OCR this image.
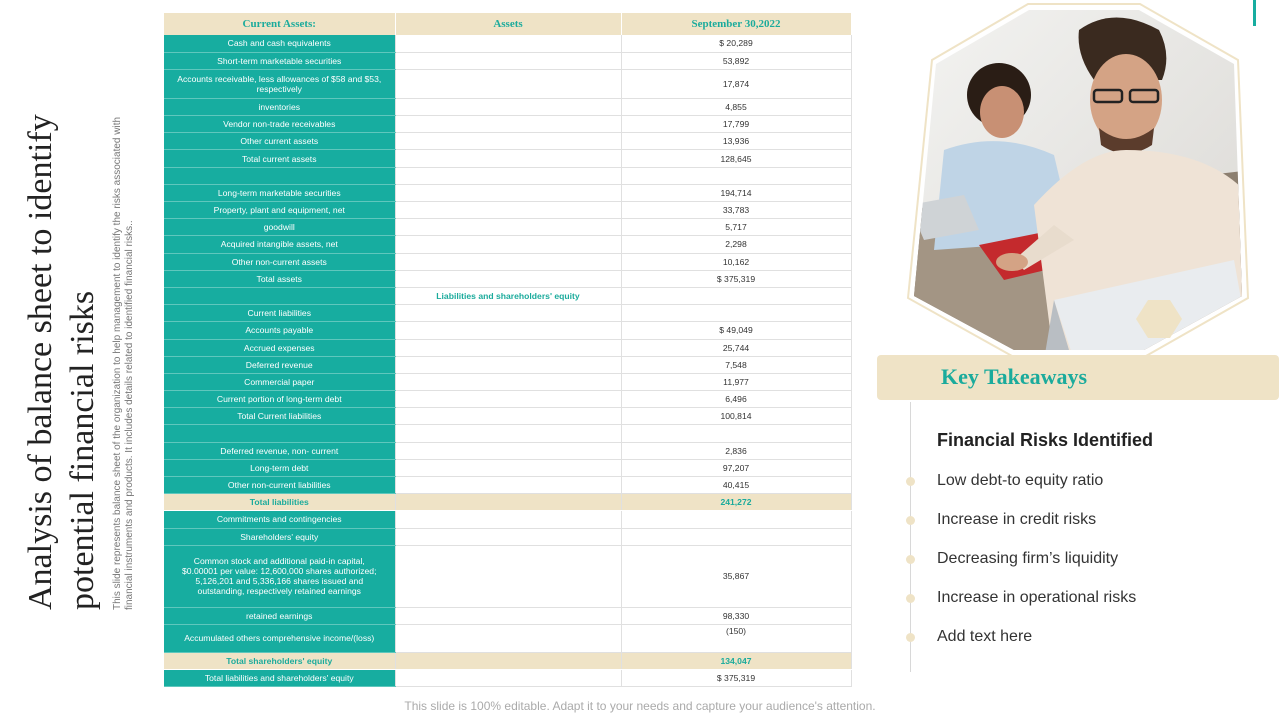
Analysis of balance sheet to identify potential financial risks	This slide represents balance sheet of the organization to help management to identify the risks associated with financial instruments and products. It includes details related to identified financial risks..

Current Assets:	Assets	September 30,2022
Cash and cash equivalents		$ 20,289
Short-term marketable securities		53,892
Accounts receivable, less allowances of $58 and $53, respectively		17,874
inventories		4,855
Vendor non-trade receivables		17,799
Other current assets		13,936
Total current assets		128,645

Long-term marketable securities		194,714
Property, plant and equipment, net		33,783
goodwill		5,717
Acquired intangible assets, net		2,298
Other non-current assets		10,162
Total assets		$ 375,319
	Liabilities and shareholders' equity	
Current liabilities		
Accounts payable		$ 49,049
Accrued expenses		25,744
Deferred revenue		7,548
Commercial paper		11,977
Current portion of long-term debt		6,496
Total Current liabilities		100,814

Deferred revenue, non- current		2,836
Long-term debt		97,207
Other non-current liabilities		40,415
Total liabilities		241,272
Commitments and contingencies		
Shareholders' equity		
Common stock and additional paid-in capital, $0.00001 per value: 12,600,000 shares authorized; 5,126,201 and 5,336,166 shares issued and outstanding, respectively retained earnings		35,867
retained earnings		98,330
Accumulated others comprehensive income/(loss)		(150)
Total shareholders' equity		134,047
Total liabilities and shareholders' equity		$ 375,319
Key Takeaways
Financial Risks Identified
Low debt-to equity ratio
Increase in credit risks
Decreasing firm’s liquidity
Increase in operational risks
Add text here
This slide is 100% editable. Adapt it to your needs and capture your audience's attention.
